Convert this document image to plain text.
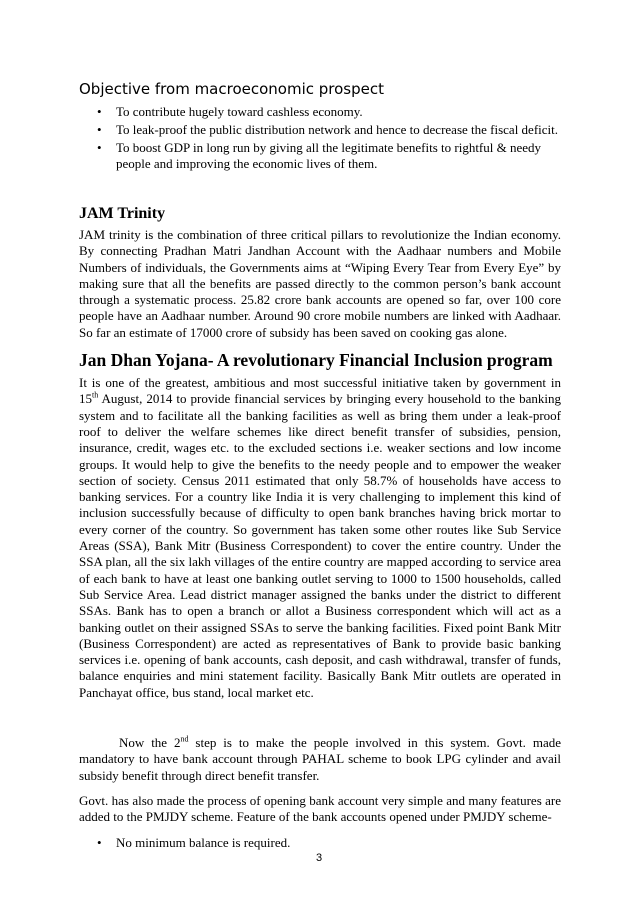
Objective from macroeconomic prospect
• To contribute hugely toward cashless economy.
• To leak-proof the public distribution network and hence to decrease the fiscal deficit.
• To boost GDP in long run by giving all the legitimate benefits to rightful & needy people and improving the economic lives of them.
JAM Trinity

JAM trinity is the combination of three critical pillars to revolutionize the Indian economy. By connecting Pradhan Matri Jandhan Account with the Aadhaar numbers and Mobile Numbers of individuals, the Governments aims at “Wiping Every Tear from Every Eye” by making sure that all the benefits are passed directly to the common person’s bank account through a systematic process. 25.82 crore bank accounts are opened so far, over 100 core people have an Aadhaar number. Around 90 crore mobile numbers are linked with Aadhaar. So far an estimate of 17000 crore of subsidy has been saved on cooking gas alone.

Jan Dhan Yojana- A revolutionary Financial Inclusion program

It is one of the greatest, ambitious and most successful initiative taken by government in 15th August, 2014 to provide financial services by bringing every household to the banking system and to facilitate all the banking facilities as well as bring them under a leak-proof roof to deliver the welfare schemes like direct benefit transfer of subsidies, pension, insurance, credit, wages etc. to the excluded sections i.e. weaker sections and low income groups. It would help to give the benefits to the needy people and to empower the weaker section of society. Census 2011 estimated that only 58.7% of households have access to banking services. For a country like India it is very challenging to implement this kind of inclusion successfully because of difficulty to open bank branches having brick mortar to every corner of the country. So government has taken some other routes like Sub Service Areas (SSA), Bank Mitr (Business Correspondent) to cover the entire country. Under the SSA plan, all the six lakh villages of the entire country are mapped according to service area of each bank to have at least one banking outlet serving to 1000 to 1500 households, called Sub Service Area. Lead district manager assigned the banks under the district to different SSAs. Bank has to open a branch or allot a Business correspondent which will act as a banking outlet on their assigned SSAs to serve the banking facilities. Fixed point Bank Mitr (Business Correspondent) are acted as representatives of Bank to provide basic banking services i.e. opening of bank accounts, cash deposit, and cash withdrawal, transfer of funds, balance enquiries and mini statement facility. Basically Bank Mitr outlets are operated in Panchayat office, bus stand, local market etc.

Now the 2nd step is to make the people involved in this system. Govt. made mandatory to have bank account through PAHAL scheme to book LPG cylinder and avail subsidy benefit through direct benefit transfer.

Govt. has also made the process of opening bank account very simple and many features are added to the PMJDY scheme. Feature of the bank accounts opened under PMJDY scheme-

• No minimum balance is required.
3
